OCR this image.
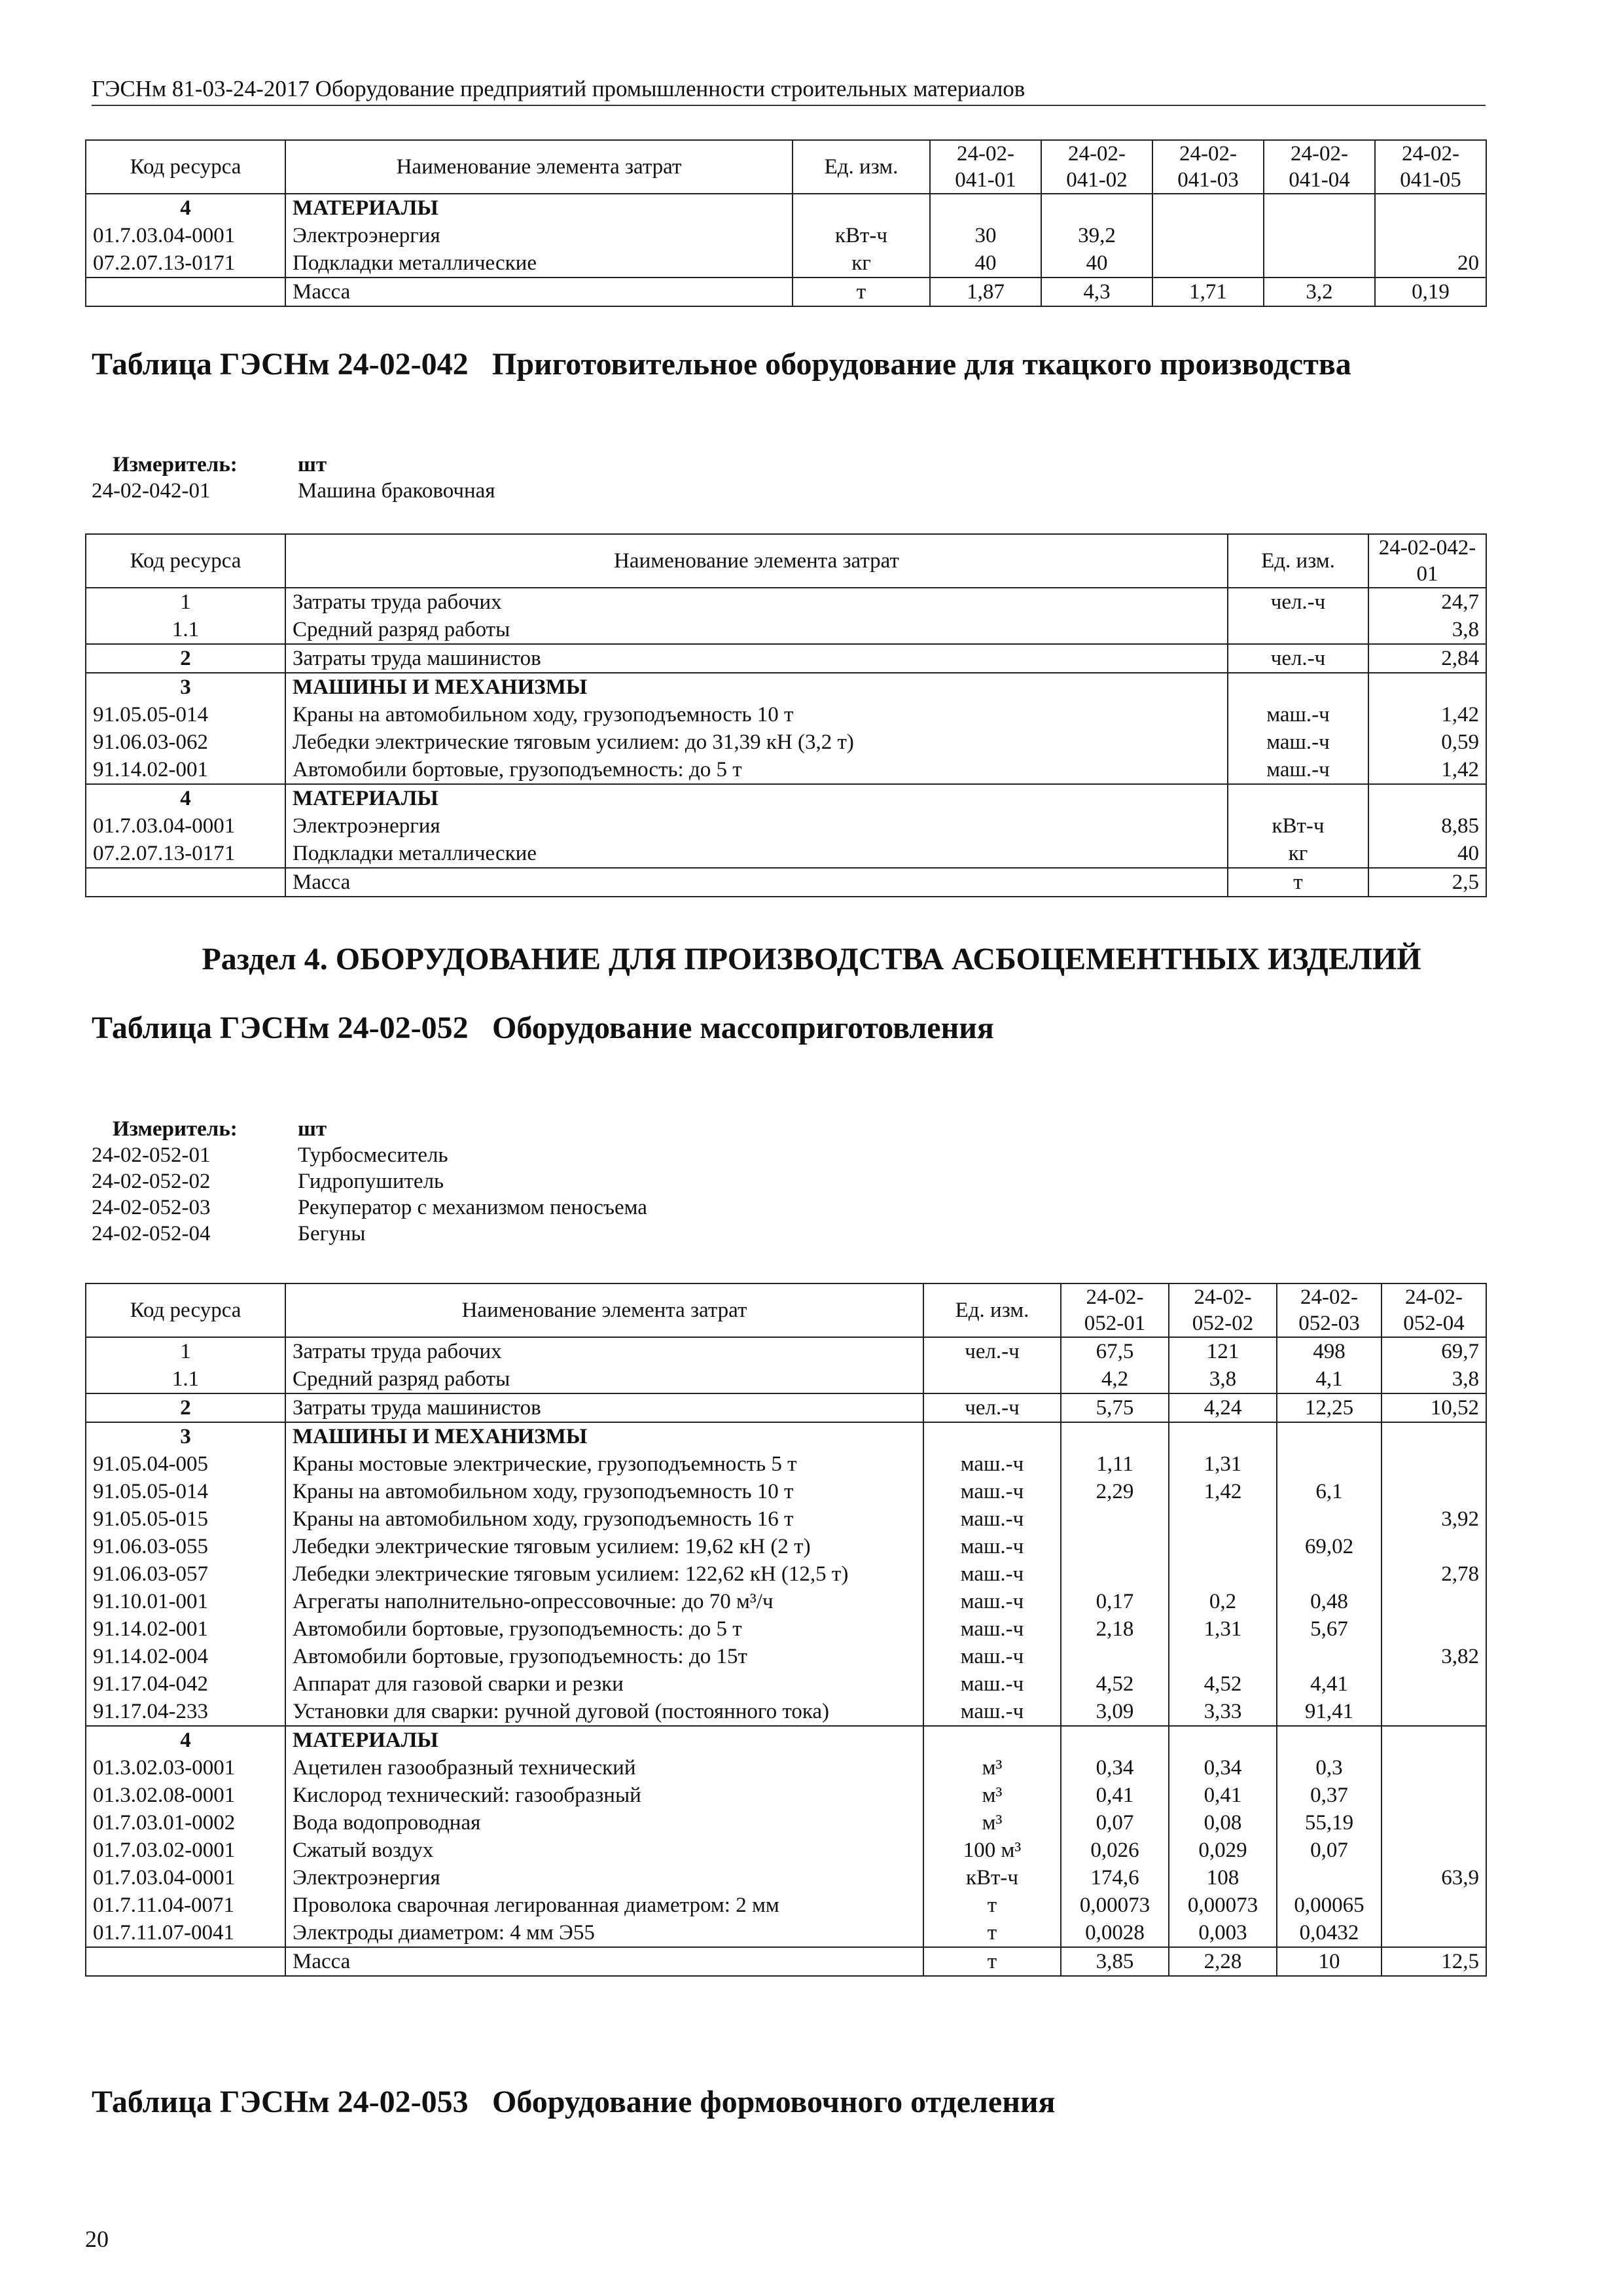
ГЭСНм 81-03-24-2017 Оборудование предприятий промышленности строительных материалов
Код ресурса	Наименование элемента затрат	Ед. изм.	24-02-041-01	24-02-041-02	24-02-041-03	24-02-041-04	24-02-041-05
4	МАТЕРИАЛЫ						
01.7.03.04-0001	Электроэнергия	кВт-ч	30	39,2			
07.2.07.13-0171	Подкладки металлические	кг	40	40			20
	Масса	т	1,87	4,3	1,71	3,2	0,19
Таблица ГЭСНм 24-02-042 Приготовительное оборудование для ткацкого производства
Измеритель:	шт
24-02-042-01	Машина браковочная
Код ресурса	Наименование элемента затрат	Ед. изм.	24-02-042-01
1	Затраты труда рабочих	чел.-ч	24,7
1.1	Средний разряд работы		3,8
2	Затраты труда машинистов	чел.-ч	2,84
3	МАШИНЫ И МЕХАНИЗМЫ		
91.05.05-014	Краны на автомобильном ходу, грузоподъемность 10 т	маш.-ч	1,42
91.06.03-062	Лебедки электрические тяговым усилием: до 31,39 кН (3,2 т)	маш.-ч	0,59
91.14.02-001	Автомобили бортовые, грузоподъемность: до 5 т	маш.-ч	1,42
4	МАТЕРИАЛЫ		
01.7.03.04-0001	Электроэнергия	кВт-ч	8,85
07.2.07.13-0171	Подкладки металлические	кг	40
	Масса	т	2,5
Раздел 4. ОБОРУДОВАНИЕ ДЛЯ ПРОИЗВОДСТВА АСБОЦЕМЕНТНЫХ ИЗДЕЛИЙ
Таблица ГЭСНм 24-02-052 Оборудование массоприготовления
Измеритель:	шт
24-02-052-01	Турбосмеситель
24-02-052-02	Гидропушитель
24-02-052-03	Рекуператор с механизмом пеносъема
24-02-052-04	Бегуны
Код ресурса	Наименование элемента затрат	Ед. изм.	24-02-052-01	24-02-052-02	24-02-052-03	24-02-052-04
1	Затраты труда рабочих	чел.-ч	67,5	121	498	69,7
1.1	Средний разряд работы		4,2	3,8	4,1	3,8
2	Затраты труда машинистов	чел.-ч	5,75	4,24	12,25	10,52
3	МАШИНЫ И МЕХАНИЗМЫ					
91.05.04-005	Краны мостовые электрические, грузоподъемность 5 т	маш.-ч	1,11	1,31		
91.05.05-014	Краны на автомобильном ходу, грузоподъемность 10 т	маш.-ч	2,29	1,42	6,1	
91.05.05-015	Краны на автомобильном ходу, грузоподъемность 16 т	маш.-ч				3,92
91.06.03-055	Лебедки электрические тяговым усилием: 19,62 кН (2 т)	маш.-ч			69,02	
91.06.03-057	Лебедки электрические тяговым усилием: 122,62 кН (12,5 т)	маш.-ч				2,78
91.10.01-001	Агрегаты наполнительно-опрессовочные: до 70 м³/ч	маш.-ч	0,17	0,2	0,48	
91.14.02-001	Автомобили бортовые, грузоподъемность: до 5 т	маш.-ч	2,18	1,31	5,67	
91.14.02-004	Автомобили бортовые, грузоподъемность: до 15т	маш.-ч				3,82
91.17.04-042	Аппарат для газовой сварки и резки	маш.-ч	4,52	4,52	4,41	
91.17.04-233	Установки для сварки: ручной дуговой (постоянного тока)	маш.-ч	3,09	3,33	91,41	
4	МАТЕРИАЛЫ					
01.3.02.03-0001	Ацетилен газообразный технический	м³	0,34	0,34	0,3	
01.3.02.08-0001	Кислород технический: газообразный	м³	0,41	0,41	0,37	
01.7.03.01-0002	Вода водопроводная	м³	0,07	0,08	55,19	
01.7.03.02-0001	Сжатый воздух	100 м³	0,026	0,029	0,07	
01.7.03.04-0001	Электроэнергия	кВт-ч	174,6	108		63,9
01.7.11.04-0071	Проволока сварочная легированная диаметром: 2 мм	т	0,00073	0,00073	0,00065	
01.7.11.07-0041	Электроды диаметром: 4 мм Э55	т	0,0028	0,003	0,0432	
	Масса	т	3,85	2,28	10	12,5
Таблица ГЭСНм 24-02-053 Оборудование формовочного отделения
20
